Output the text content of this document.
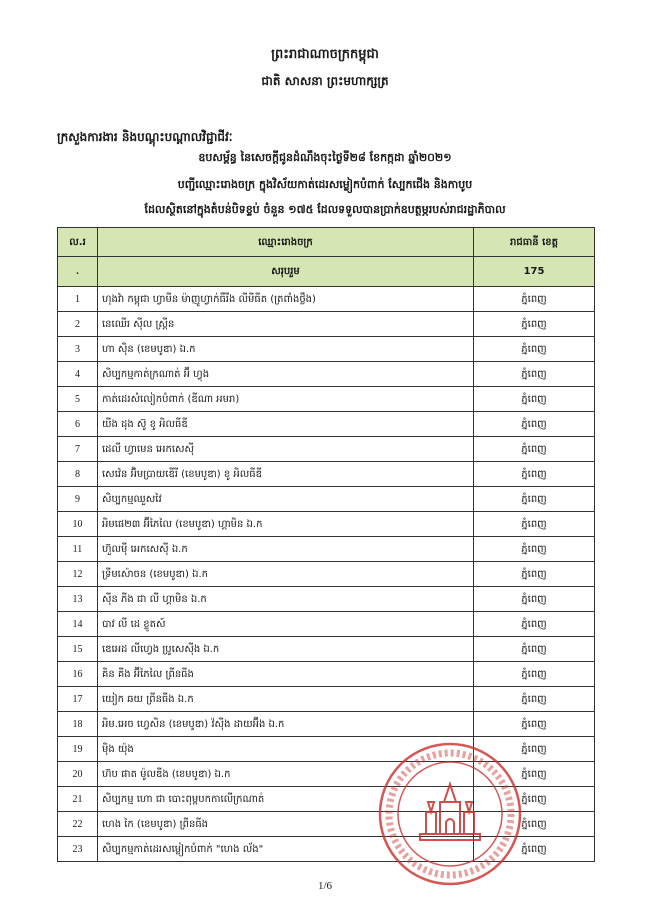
ព្រះរាជាណាចក្រកម្ពុជា
ជាតិ សាសនា ព្រះមហាក្សត្រ
ក្រសួងការងារ និងបណ្តុះបណ្តាលវិជ្ជាជីវៈ
ឧបសម្ព័ន្ធ នៃសេចក្តីជូនដំណឹងចុះថ្ងៃទី២៨ ខែកក្កដា ឆ្នាំ២០២១
បញ្ជីឈ្មោះរោងចក្រ ក្នុងវិស័យកាត់ដេរសម្លៀកបំពាក់ ស្បែកជើង និងកាបូប
ដែលស្ថិតនៅក្នុងតំបន់បិទខ្ទប់ ចំនួន ១៧៥ ដែលទទួលបានប្រាក់ឧបត្ថម្ភរបស់រាជរដ្ឋាភិបាល
ល.រ	ឈ្មោះរោងចក្រ	រាជធានី ខេត្ត
.	សរុបរួម	175
1	ហុងវ៉ា កម្ពុជា ហ្វាមីន ម៉ាញូហ្វាក់ធឺរីង លីមីធីត (ត្រពាំងថ្លឹង)	ភ្នំពេញ
2	នេឈើរ ស៊ីល ស្ត្រីន	ភ្នំពេញ
3	ហា ស៊ិន (ខេមបូឌា) ឯ.ក	ភ្នំពេញ
4	សិប្បកម្មកាត់ក្រណាត់ អ៊ី ហ្វុង	ភ្នំពេញ
5	កាត់ដេរសំលៀកបំពាក់ (ឌីណា អមរា)	ភ្នំពេញ
6	យីង ដុង ស៊ូ ខូ អិលធីឌី	ភ្នំពេញ
7	ដេលី ហ្វាមេន អេកសេស៊ី	ភ្នំពេញ
8	សេវ៉េន អ៊ិមប្រាយឌើរី (ខេមបូឌា) ខូ អិលធីឌី	ភ្នំពេញ
9	សិប្បកម្មឈួសវៃ	ភ្នំពេញ
10	អិមផេ២៣ អ៊ីភៃលៃ (ខេមបូឌា) ហ្គាមិន ឯ.ក	ភ្នំពេញ
11	ហ៊ួលម៉ី អេកសេស៊ី ឯ.ក	ភ្នំពេញ
12	ទ្រីមស៉ោចន (ខេមបូឌា) ឯ.ក	ភ្នំពេញ
13	ស៊ីន ភីង ជា លី ហ្គាមិន ឯ.ក	ភ្នំពេញ
14	បាវ លី ដេ ខ្លូតស៍	ភ្នំពេញ
15	ឌេអេដ លីហ្វេង ប្រូសេស៊ីង ឯ.ក	ភ្នំពេញ
16	គិន គីង អ៊ីភៃលៃ ព្រីនធីង	ភ្នំពេញ
17	យៀក ឆយ ព្រីនធីង ឯ.ក	ភ្នំពេញ
18	អិម.អេច ហ្វេសិន (ខេមបូឌា) វ៉ស៊ីង ដាយអ៊ីង ឯ.ក	ភ្នំពេញ
19	ម៉ិង យ៉ុង	ភ្នំពេញ
20	ហ៊ប ផាត ម៉ូលឌីង (ខេមបូឌា) ឯ.ក	ភ្នំពេញ
21	សិប្បកម្ម ហោ ជា បោះពុម្ពបកកាលើក្រណាត់	ភ្នំពេញ
22	ហេង កៃ (ខេមបូឌា) ព្រីនធីង	ភ្នំពេញ
23	សិប្បកម្មកាត់ដេរសម្លៀកបំពាក់ "ហេង ល័ង"	ភ្នំពេញ
1/6
